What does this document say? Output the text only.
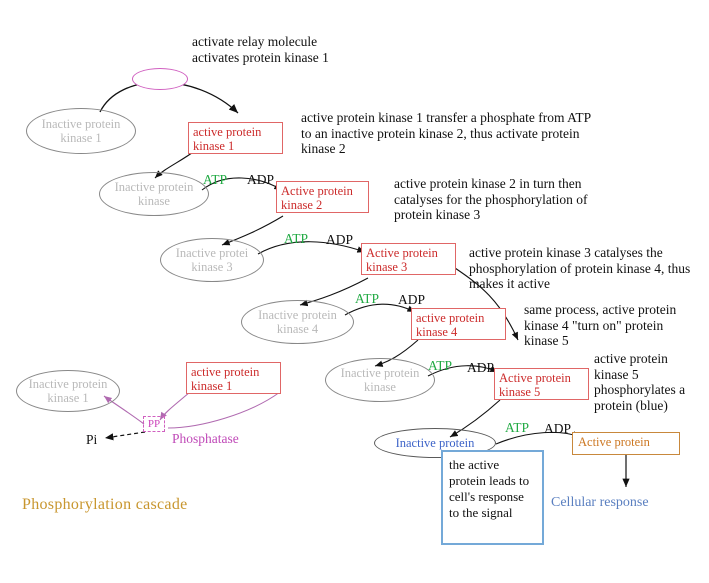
Inactive protein kinase 1	active protein kinase 1
Inactive protein kinase
Active protein kinase 2
Inactive protei kinase 3
Active protein kinase 3
Inactive protein kinase 4
active protein kinase 4
Inactive protein kinase
Active protein kinase 5
Inactive protein	Active protein
Inactive protein kinase 1
active protein kinase 1
PP
ATP ADP
ATP ADP
ATP ADP
ATP ADP
ATP ADP
activate relay molecule activates protein kinase 1
active protein kinase 1 transfer a phosphate from ATP to an inactive protein kinase 2, thus activate protein kinase 2
active protein kinase 2 in turn then catalyses for the phosphorylation of protein kinase 3
active protein kinase 3 catalyses the phosphorylation of protein kinase 4, thus makes it active
same process, active protein kinase 4 "turn on" protein kinase 5
active protein kinase 5 phosphorylates a protein (blue)
Pi	Phosphatase
the active protein leads to cell's response to the signal
Cellular response
Phosphorylation cascade
